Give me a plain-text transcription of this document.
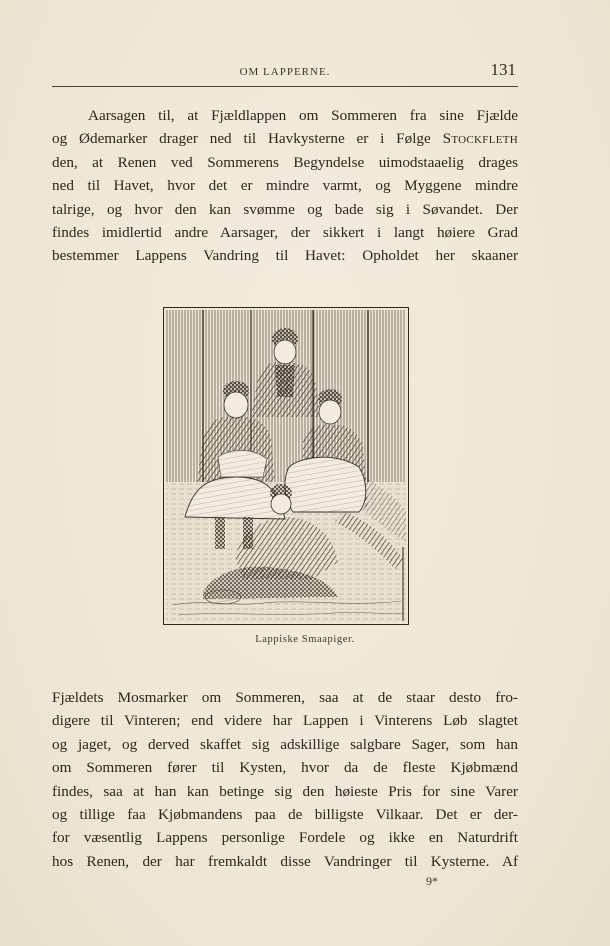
OM LAPPERNE.	131
Aarsagen til, at Fjældlappen om Sommeren fra sine Fjælde
og Ødemarker drager ned til Havkysterne er i Følge Stockfleth
den, at Renen ved Sommerens Begyndelse uimodstaaelig drages
ned til Havet, hvor det er mindre varmt, og Myggene mindre
talrige, og hvor den kan svømme og bade sig i Søvandet. Der
findes imidlertid andre Aarsager, der sikkert i langt høiere Grad
bestemmer Lappens Vandring til Havet: Opholdet her skaaner
Lappiske Smaapiger.
Fjældets Mosmarker om Sommeren, saa at de staar desto fro-
digere til Vinteren; end videre har Lappen i Vinterens Løb slagtet
og jaget, og derved skaffet sig adskillige salgbare Sager, som han
om Sommeren fører til Kysten, hvor da de fleste Kjøbmænd
findes, saa at han kan betinge sig den høieste Pris for sine Varer
og tillige faa Kjøbmandens paa de billigste Vilkaar. Det er der-
for væsentlig Lappens personlige Fordele og ikke en Naturdrift
hos Renen, der har fremkaldt disse Vandringer til Kysterne. Af
9*
